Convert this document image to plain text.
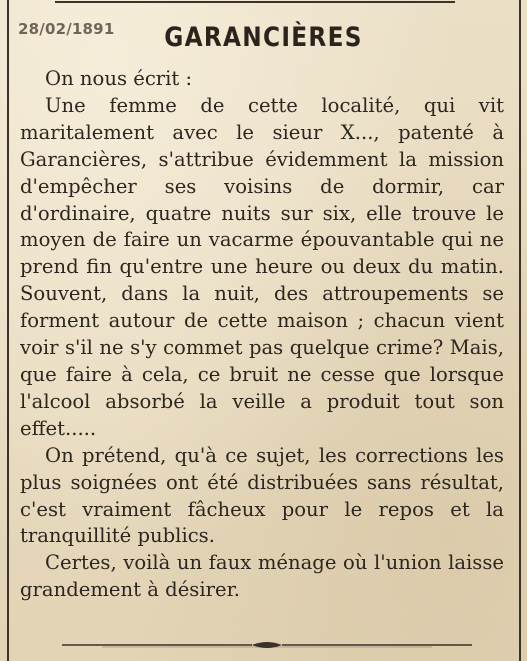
28/02/1891	GARANCIÈRES

On nous écrit :

Une femme de cette localité, qui vit maritalement avec le sieur X..., patenté à Garancières, s'attribue évidemment la mission d'empêcher ses voisins de dormir, car d'ordinaire, quatre nuits sur six, elle trouve le moyen de faire un vacarme épouvantable qui ne prend fin qu'entre une heure ou deux du matin. Souvent, dans la nuit, des attroupements se forment autour de cette maison ; chacun vient voir s'il ne s'y commet pas quelque crime? Mais, que faire à cela, ce bruit ne cesse que lorsque l'alcool absorbé la veille a produit tout son effet.....

On prétend, qu'à ce sujet, les corrections les plus soignées ont été distribuées sans résultat, c'est vraiment fâcheux pour le repos et la tranquillité publics.

Certes, voilà un faux ménage où l'union laisse grandement à désirer.
